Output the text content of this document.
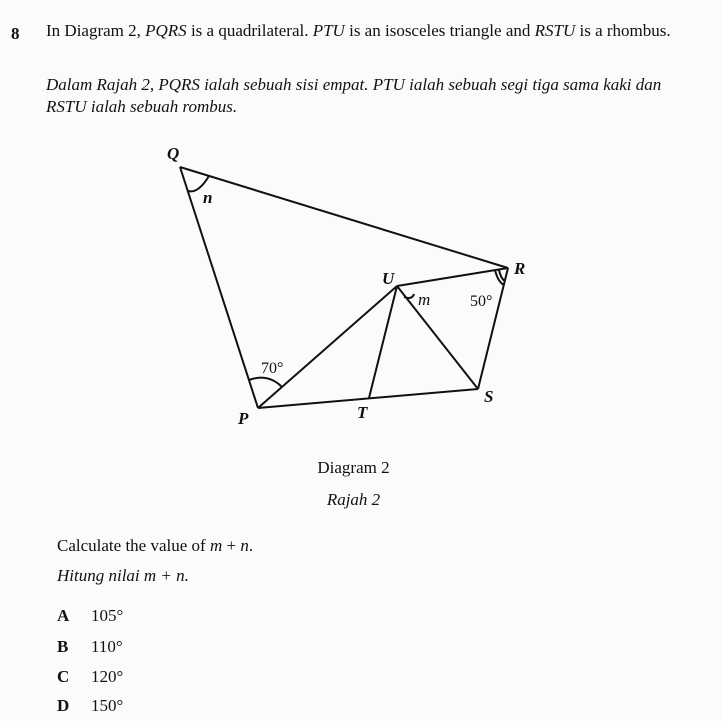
8 In Diagram 2, PQRS is a quadrilateral. PTU is an isosceles triangle and RSTU is a rhombus.
Dalam Rajah 2, PQRS ialah sebuah sisi empat. PTU ialah sebuah segi tiga sama kaki dan RSTU ialah sebuah rombus.
Q
R
U
S
P	T
n
m 50°
70°
Diagram 2
Rajah 2
Calculate the value of m + n.
Hitung nilai m + n.
A 105°
B 110°
C 120°
D 150°
